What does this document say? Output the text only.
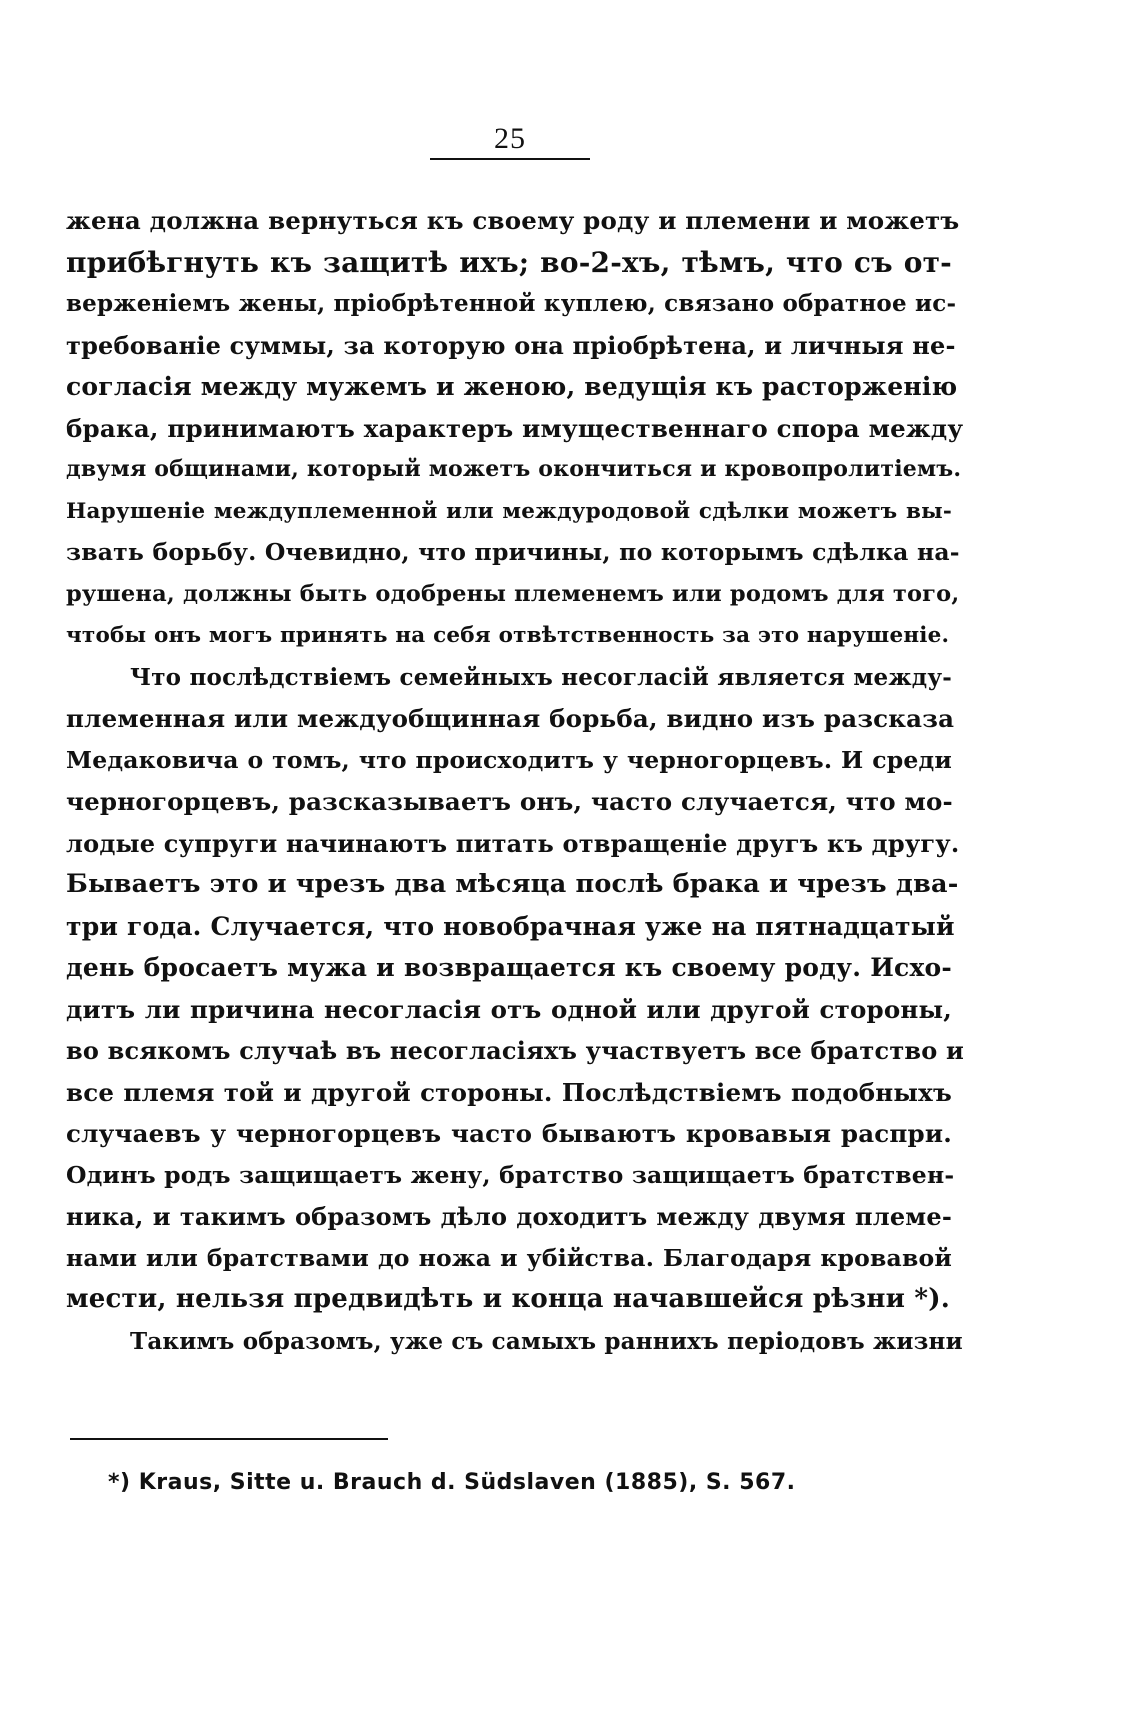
25
жена должна вернуться къ своему роду и племени и можетъ
прибѣгнуть къ защитѣ ихъ; во-2-хъ, тѣмъ, что съ от-
верженіемъ жены, пріобрѣтенной куплею, связано обратное ис-
требованіе суммы, за которую она пріобрѣтена, и личныя не-
согласія между мужемъ и женою, ведущія къ расторженію
брака, принимаютъ характеръ имущественнаго спора между
двумя общинами, который можетъ окончиться и кровопролитіемъ.
Нарушеніе междуплеменной или междуродовой сдѣлки можетъ вы-
звать борьбу. Очевидно, что причины, по которымъ сдѣлка на-
рушена, должны быть одобрены племенемъ или родомъ для того,
чтобы онъ могъ принять на себя отвѣтственность за это нарушеніе.
Что послѣдствіемъ семейныхъ несогласій является между-
племенная или междуобщинная борьба, видно изъ разсказа
Медаковича о томъ, что происходитъ у черногорцевъ. И среди
черногорцевъ, разсказываетъ онъ, часто случается, что мо-
лодые супруги начинаютъ питать отвращеніе другъ къ другу.
Бываетъ это и чрезъ два мѣсяца послѣ брака и чрезъ два-
три года. Случается, что новобрачная уже на пятнадцатый
день бросаетъ мужа и возвращается къ своему роду. Исхо-
дитъ ли причина несогласія отъ одной или другой стороны,
во всякомъ случаѣ въ несогласіяхъ участвуетъ все братство и
все племя той и другой стороны. Послѣдствіемъ подобныхъ
случаевъ у черногорцевъ часто бываютъ кровавыя распри.
Одинъ родъ защищаетъ жену, братство защищаетъ братствен-
ника, и такимъ образомъ дѣло доходитъ между двумя племе-
нами или братствами до ножа и убійства. Благодаря кровавой
мести, нельзя предвидѣть и конца начавшейся рѣзни *).
Такимъ образомъ, уже съ самыхъ раннихъ періодовъ жизни
*) Kraus, Sitte u. Brauch d. Südslaven (1885), S. 567.
